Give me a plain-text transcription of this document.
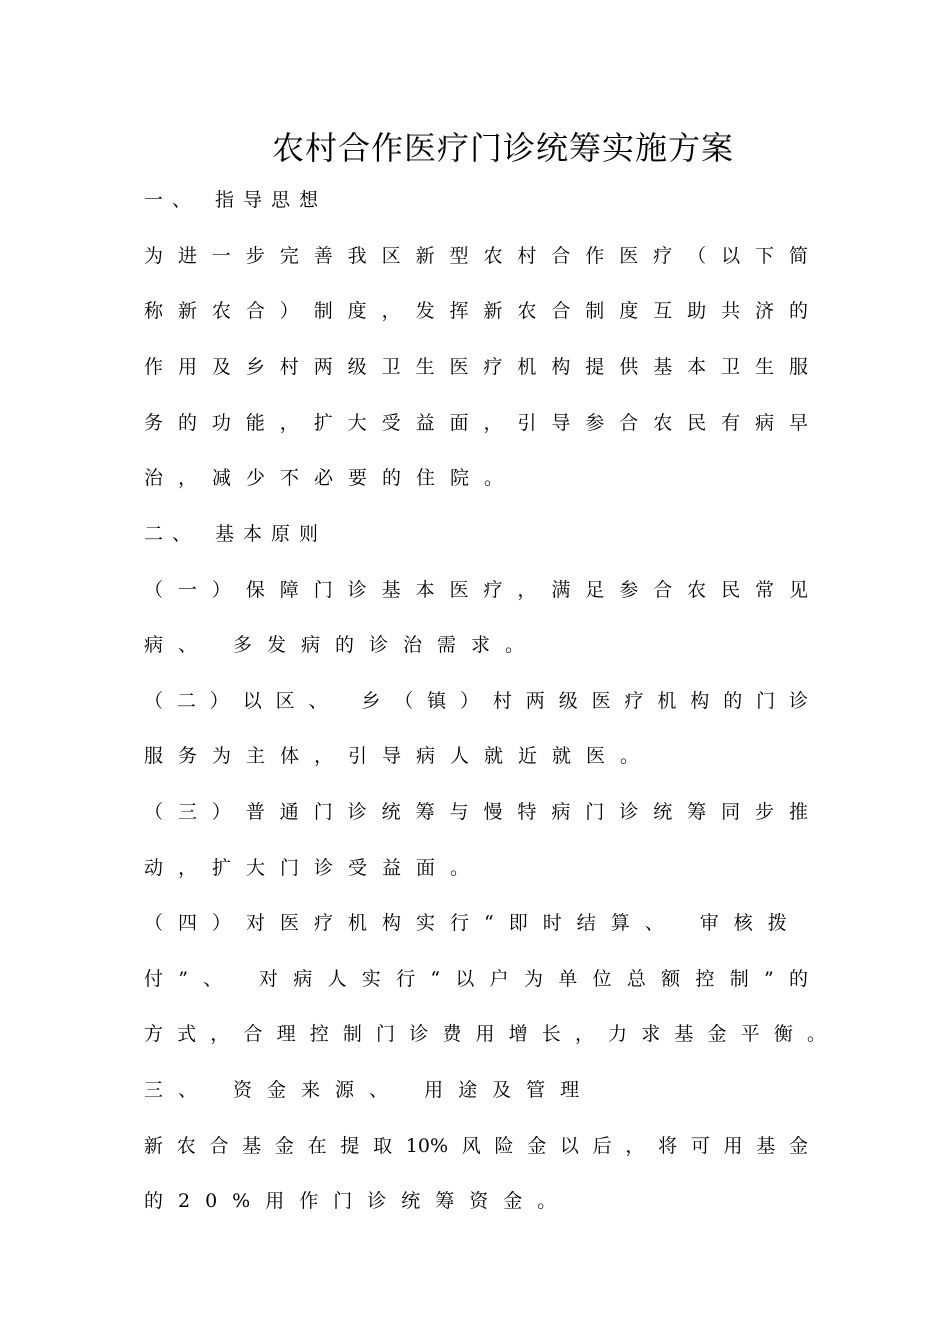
农村合作医疗门诊统筹实施方案
一、 指导思想
为进一步完善我区新型农村合作医疗（以下简
称新农合）制度，发挥新农合制度互助共济的
作用及乡村两级卫生医疗机构提供基本卫生服
务的功能，扩大受益面，引导参合农民有病早
治，减少不必要的住院。
二、 基本原则
（一）保障门诊基本医疗，满足参合农民常见
病、 多发病的诊治需求。
（二）以区、 乡（镇）村两级医疗机构的门诊
服务为主体，引导病人就近就医。
（三）普通门诊统筹与慢特病门诊统筹同步推
动，扩大门诊受益面。
（四）对医疗机构实行“即时结算、 审核拨
付”、 对病人实行“以户为单位总额控制”的
方式，合理控制门诊费用增长，力求基金平衡。
三、 资金来源、 用途及管理
新农合基金在提取10%风险金以后，将可用基金
的20%用作门诊统筹资金。
